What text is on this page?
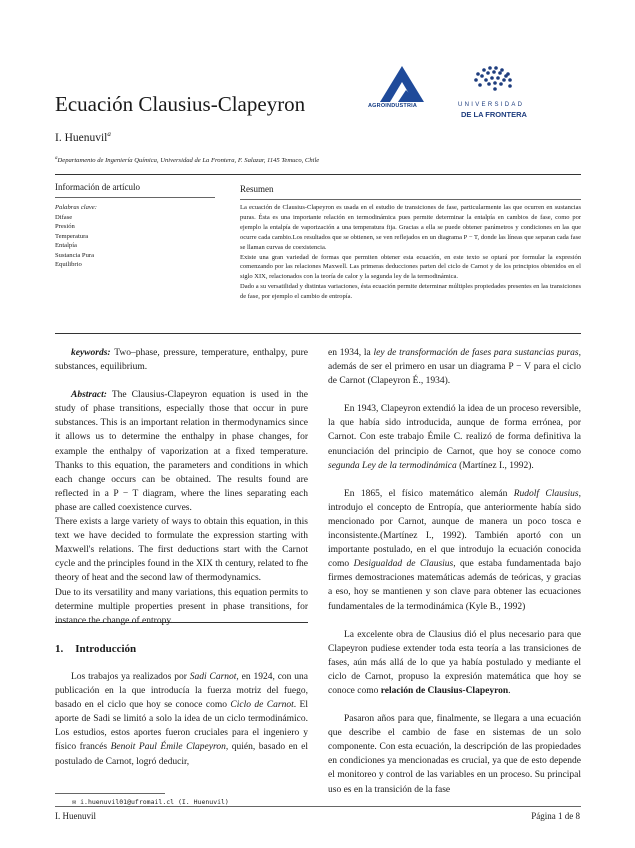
Ecuación Clausius-Clapeyron
I. Huenuvil$^a$
$^a$Departamento de Ingeniería Química, Universidad de La Frontera, F. Salazar, 1145 Temuco, Chile
AGROINDUSTRIA	UNIVERSIDAD
DE LA FRONTERA
Información de artículo	Resumen
Palabras clave:
Difase
Presión
Temperatura
Entalpía
Sustancia Pura
Equilibrio

La ecuación de Clausius-Clapeyron es usada en el estudio de transiciones de fase, particularmente las que ocurren en sustancias puras. Ésta es una importante relación en termodinámica pues permite determinar la entalpía en cambios de fase, como por ejemplo la entalpía de vaporización a una temperatura fija. Gracias a ella se puede obtener parámetros y condiciones en las que ocurre cada cambio.Los resultados que se obtienen, se ven reflejados en un diagrama P − T, donde las líneas que separan cada fase se llaman curvas de coexistencia.

Existe una gran variedad de formas que permiten obtener esta ecuación, en este texto se optará por formular la expresión comenzando por las relaciones Maxwell. Las primeras deducciones parten del ciclo de Carnot y de los principios obtenidos en el siglo XIX, relacionados con la teoría de calor y la segunda ley de la termodinámica.

Dado a su versatilidad y distintas variaciones, ésta ecuación permite determinar múltiples propiedades presentes en las transiciones de fase, por ejemplo el cambio de entropía.

keywords: Two–phase, pressure, temperature, enthalpy, pure substances, equilibrium.

Abstract: The Clausius-Clapeyron equation is used in the study of phase transitions, especially those that occur in pure substances. This is an important relation in thermodynamics since it allows us to determine the enthalpy in phase changes, for example the enthalpy of vaporization at a fixed temperature. Thanks to this equation, the parameters and conditions in which each change occurs can be obtained. The results found are reflected in a P − T diagram, where the lines separating each phase are called coexistence curves.

There exists a large variety of ways to obtain this equation, in this text we have decided to formulate the expression starting with Maxwell's relations. The first deductions start with the Carnot cycle and the principles found in the XIX th century, related to fhe theory of heat and the second law of thermodynamics.

Due to its versatility and many variations, this equation permits to determine multiple properties present in phase transitions, for instance the change of entropy.

1. Introducción

Los trabajos ya realizados por Sadi Carnot, en 1924, con una publicación en la que introducía la fuerza motriz del fuego, basado en el ciclo que hoy se conoce como Ciclo de Carnot. El aporte de Sadi se limitó a solo la idea de un ciclo termodinámico. Los estudios, estos aportes fueron cruciales para el ingeniero y físico francés Benoit Paul Émile Clapeyron, quién, basado en el postulado de Carnot, logró deducir,

✉ i.huenuvil01@ufromail.cl (I. Huenuvil)

en 1934, la ley de transformación de fases para sustancias puras, además de ser el primero en usar un diagrama P − V para el ciclo de Carnot (Clapeyron É., 1934).

En 1943, Clapeyron extendió la idea de un proceso reversible, la que había sido introducida, aunque de forma errónea, por Carnot. Con este trabajo Émile C. realizó de forma definitiva la enunciación del principio de Carnot, que hoy se conoce como segunda Ley de la termodinámica (Martínez I., 1992).

En 1865, el físico matemático alemán Rudolf Clausius, introdujo el concepto de Entropía, que anteriormente había sido mencionado por Carnot, aunque de manera un poco tosca e inconsistente.(Martínez I., 1992). También aportó con un importante postulado, en el que introdujo la ecuación conocida como Desigualdad de Clausius, que estaba fundamentada bajo firmes demostraciones matemáticas además de teóricas, y gracias a eso, hoy se mantienen y son clave para obtener las ecuaciones fundamentales de la termodinámica (Kyle B., 1992)

La excelente obra de Clausius dió el plus necesario para que Clapeyron pudiese extender toda esta teoría a las transiciones de fases, aún más allá de lo que ya había postulado y mediante el ciclo de Carnot, propuso la expresión matemática que hoy se conoce como relación de Clausius-Clapeyron.

Pasaron años para que, finalmente, se llegara a una ecuación que describe el cambio de fase en sistemas de un solo componente. Con esta ecuación, la descripción de las propiedades en condiciones ya mencionadas es crucial, ya que de esto depende el monitoreo y control de las variables en un proceso. Su principal uso es en la transición de la fase

I. Huenuvil	Página 1 de 8
